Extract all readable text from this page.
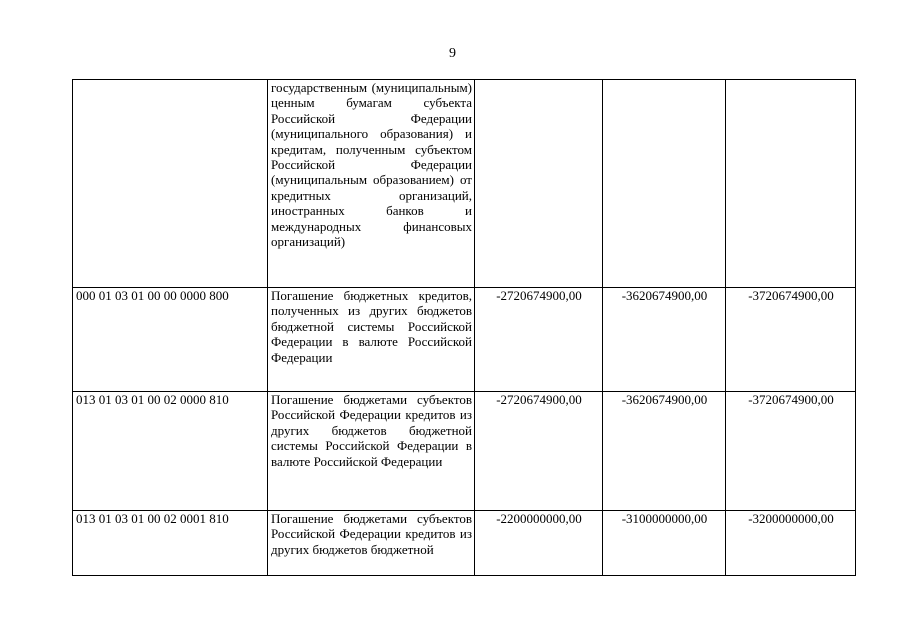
9
	государственным (муниципальным) ценным бумагам субъекта Российской Федерации (муниципального образования) и кредитам, полученным субъектом Российской Федерации (муниципальным образованием) от кредитных организаций, иностранных банков и международных финансовых организаций)			
000 01 03 01 00 00 0000 800	Погашение бюджетных кредитов, полученных из других бюджетов бюджетной системы Российской Федерации в валюте Российской Федерации	-2720674900,00	-3620674900,00	-3720674900,00
013 01 03 01 00 02 0000 810	Погашение бюджетами субъектов Российской Федерации кредитов из других бюджетов бюджетной системы Российской Федерации в валюте Российской Федерации	-2720674900,00	-3620674900,00	-3720674900,00
013 01 03 01 00 02 0001 810	Погашение бюджетами субъектов Российской Федерации кредитов из других бюджетов бюджетной	-2200000000,00	-3100000000,00	-3200000000,00
